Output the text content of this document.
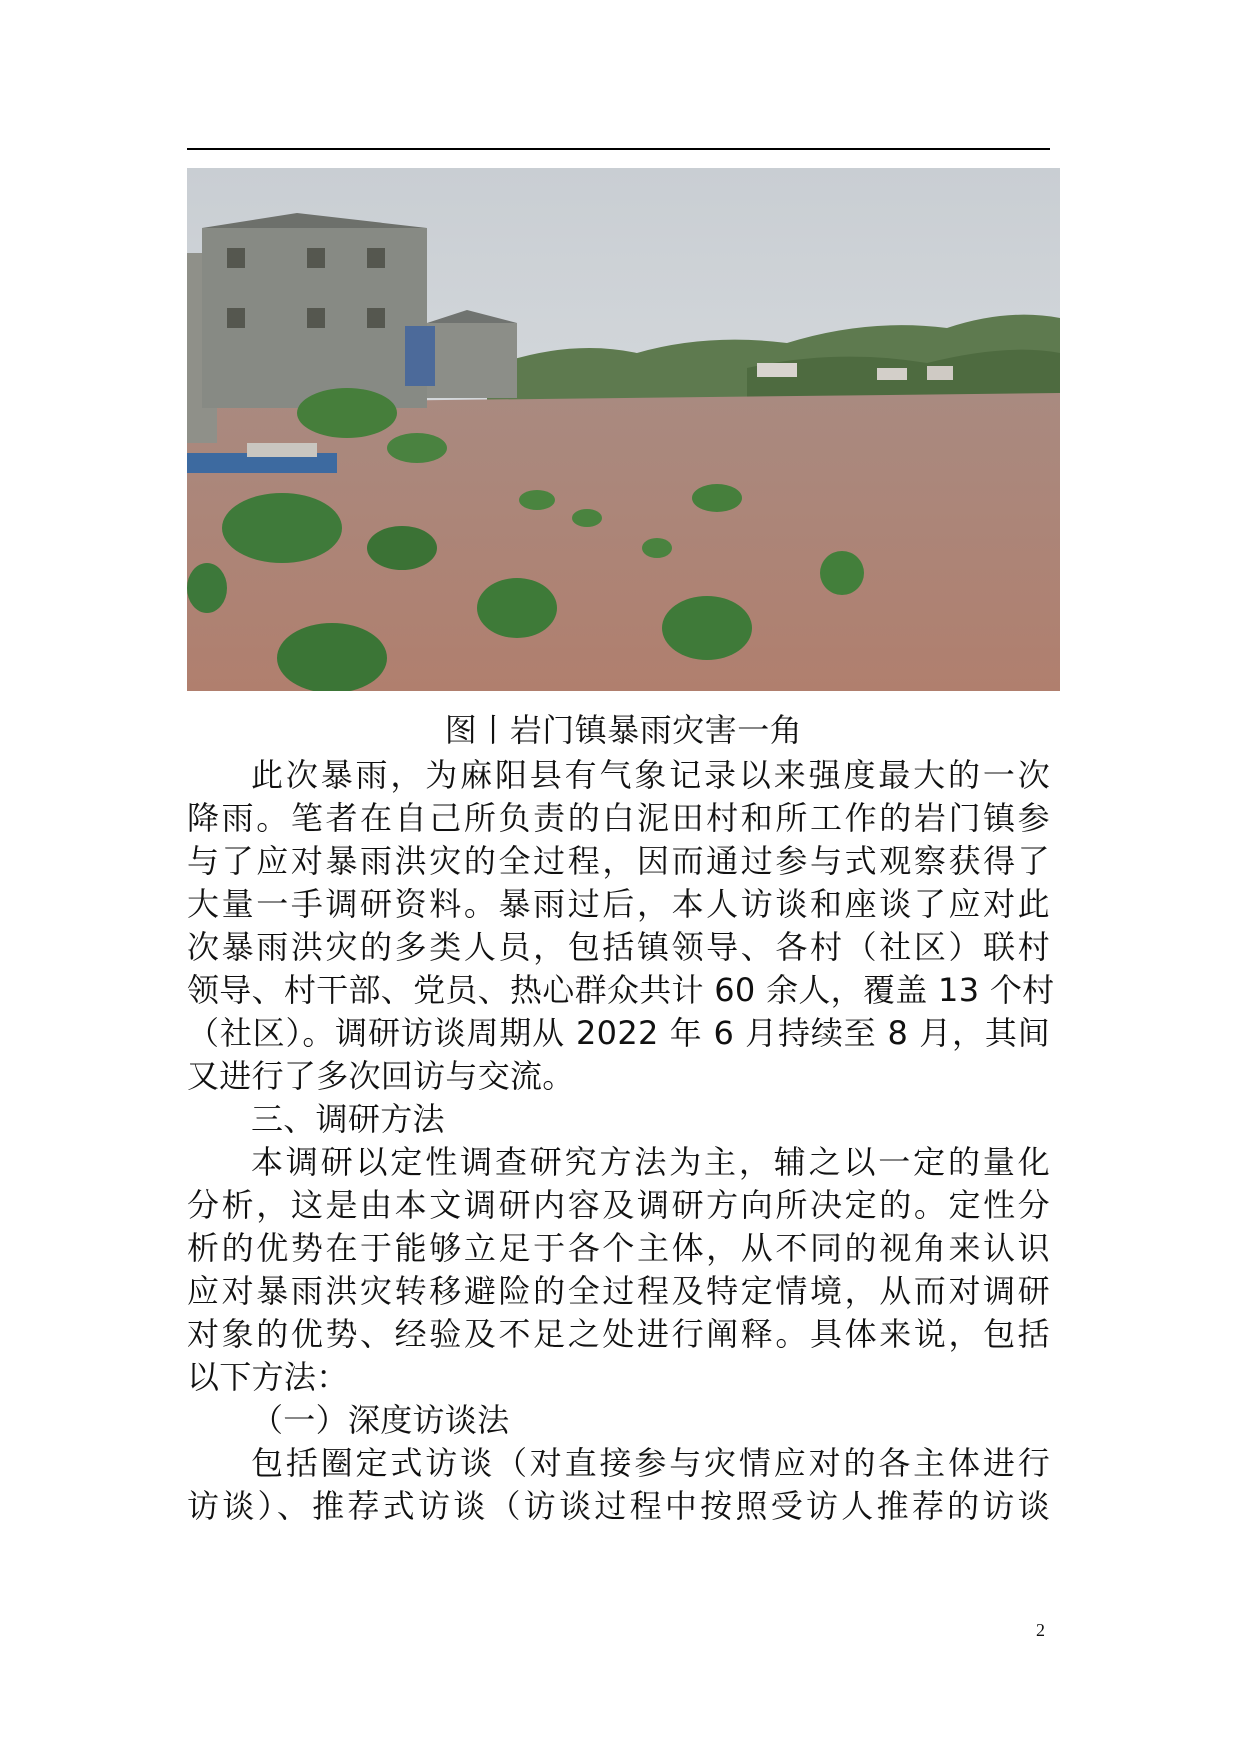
图丨岩门镇暴雨灾害一角
此次暴雨，为麻阳县有气象记录以来强度最大的一次
降雨。笔者在自己所负责的白泥田村和所工作的岩门镇参
与了应对暴雨洪灾的全过程，因而通过参与式观察获得了
大量一手调研资料。暴雨过后，本人访谈和座谈了应对此
次暴雨洪灾的多类人员，包括镇领导、各村（社区）联村
领导、村干部、党员、热心群众共计 60 余人，覆盖 13 个村
（社区）。调研访谈周期从 2022 年 6 月持续至 8 月，其间
又进行了多次回访与交流。
三、调研方法
本调研以定性调查研究方法为主，辅之以一定的量化
分析，这是由本文调研内容及调研方向所决定的。定性分
析的优势在于能够立足于各个主体，从不同的视角来认识
应对暴雨洪灾转移避险的全过程及特定情境，从而对调研
对象的优势、经验及不足之处进行阐释。具体来说，包括
以下方法：
（一）深度访谈法
包括圈定式访谈（对直接参与灾情应对的各主体进行
访谈）、推荐式访谈（访谈过程中按照受访人推荐的访谈
2
